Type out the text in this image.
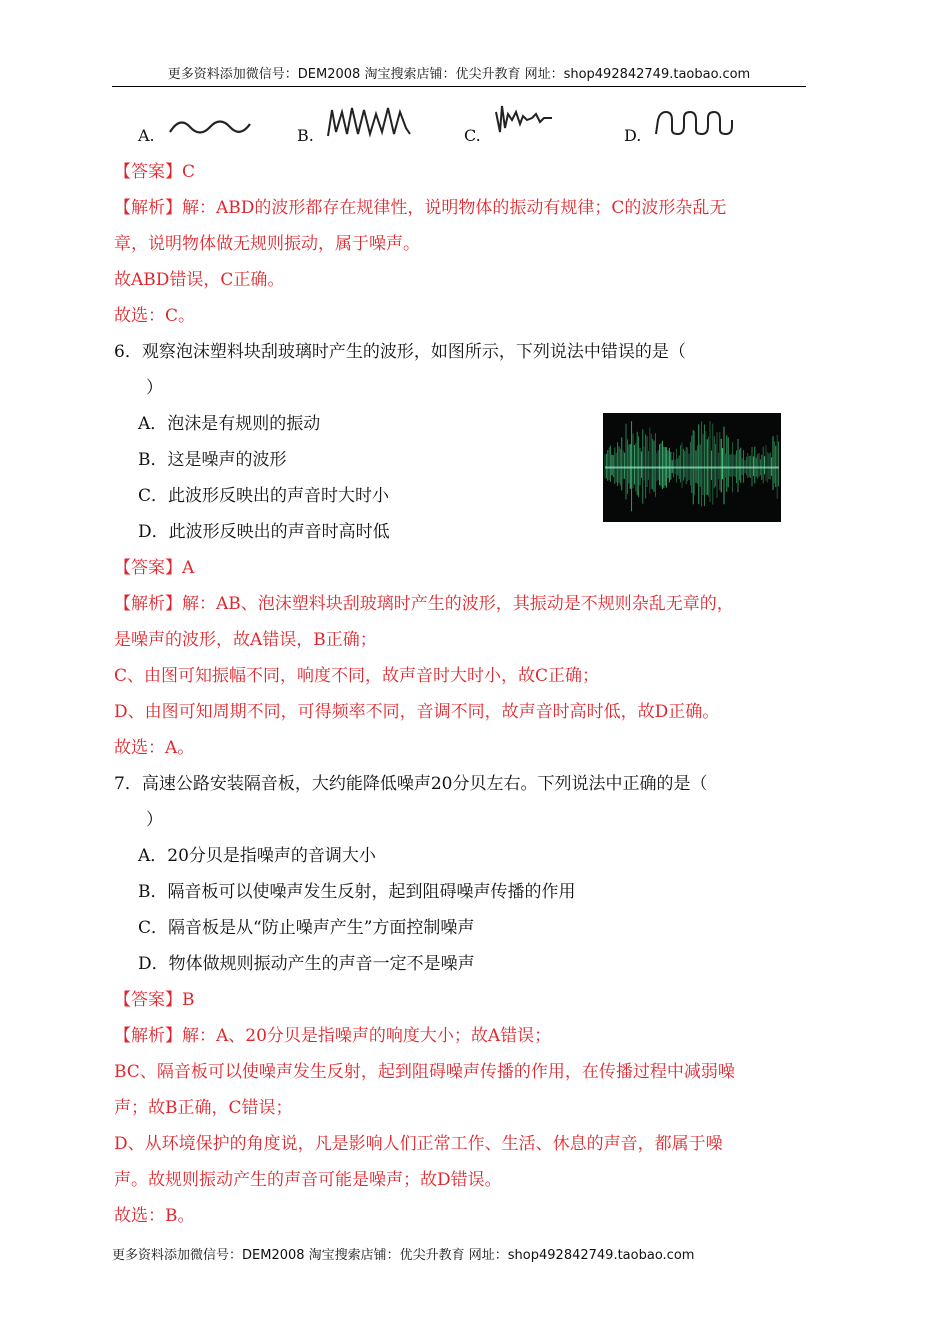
更多资料添加微信号：DEM2008 淘宝搜索店铺：优尖升教育 网址：shop492842749.taobao.com
A.	B.	C.	D.
【答案】C
【解析】解：ABD的波形都存在规律性，说明物体的振动有规律；C的波形杂乱无
章，说明物体做无规则振动，属于噪声。
故ABD错误，C正确。
故选：C。
6．观察泡沫塑料块刮玻璃时产生的波形，如图所示，下列说法中错误的是（
）
A．泡沫是有规则的振动
B．这是噪声的波形
C．此波形反映出的声音时大时小
D．此波形反映出的声音时高时低
【答案】A
【解析】解：AB、泡沫塑料块刮玻璃时产生的波形，其振动是不规则杂乱无章的，
是噪声的波形，故A错误，B正确；
C、由图可知振幅不同，响度不同，故声音时大时小，故C正确；
D、由图可知周期不同，可得频率不同，音调不同，故声音时高时低，故D正确。
故选：A。
7．高速公路安装隔音板，大约能降低噪声20分贝左右。下列说法中正确的是（
）
A．20分贝是指噪声的音调大小
B．隔音板可以使噪声发生反射，起到阻碍噪声传播的作用
C．隔音板是从“防止噪声产生”方面控制噪声
D．物体做规则振动产生的声音一定不是噪声
【答案】B
【解析】解：A、20分贝是指噪声的响度大小；故A错误；
BC、隔音板可以使噪声发生反射，起到阻碍噪声传播的作用，在传播过程中减弱噪
声；故B正确，C错误；
D、从环境保护的角度说，凡是影响人们正常工作、生活、休息的声音，都属于噪
声。故规则振动产生的声音可能是噪声；故D错误。
故选：B。
更多资料添加微信号：DEM2008 淘宝搜索店铺：优尖升教育 网址：shop492842749.taobao.com
